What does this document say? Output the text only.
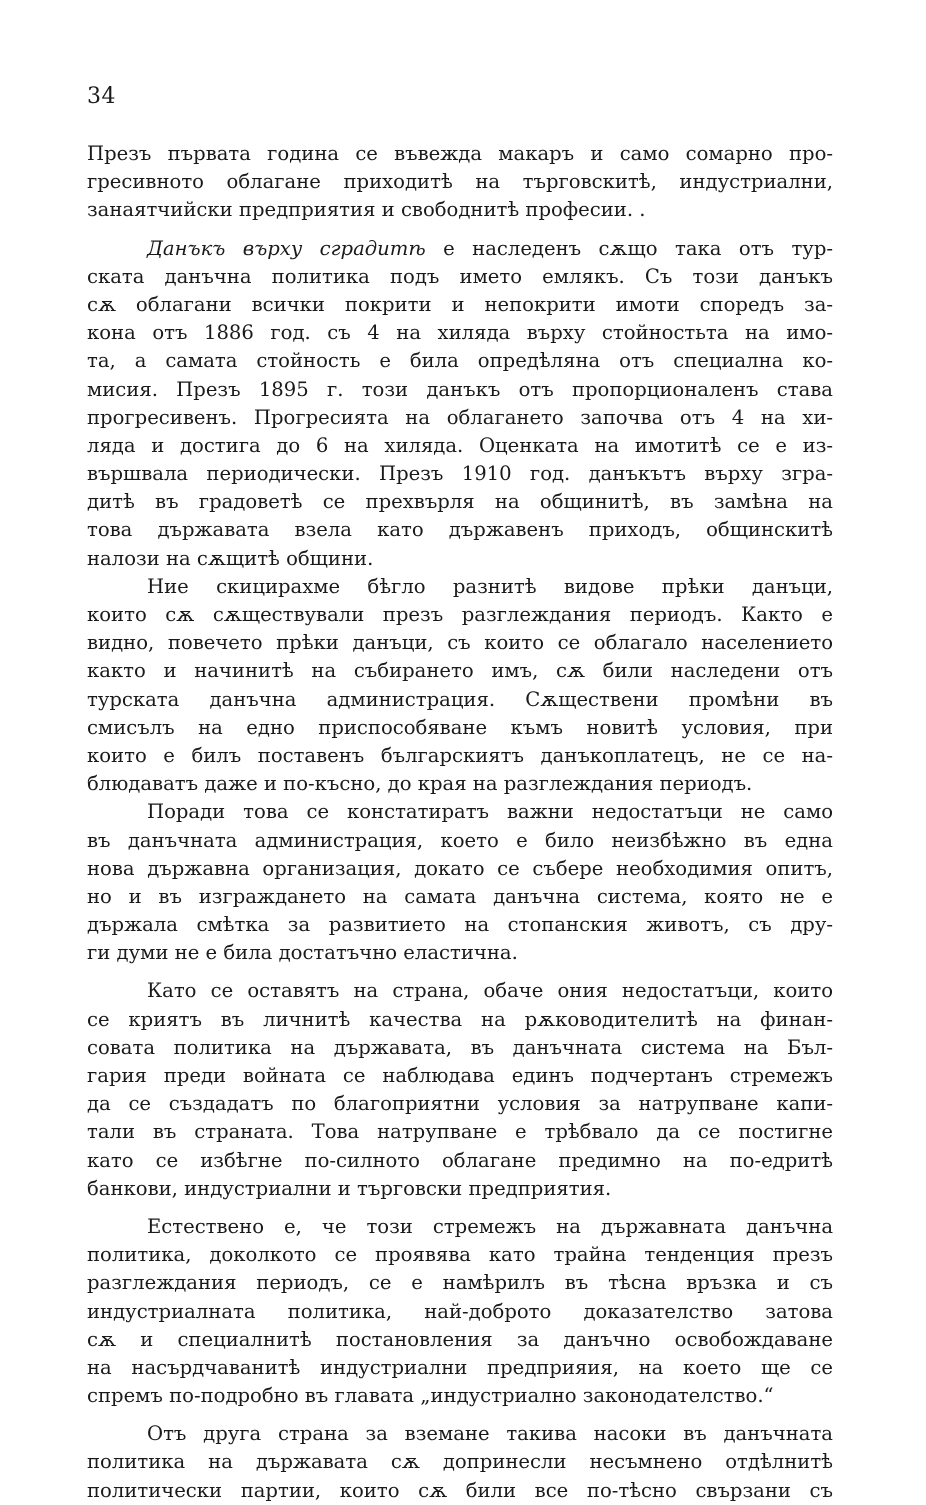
34
Презъ първата година се въвежда макаръ и само сомарно про-
гресивното облагане приходитѣ на търговскитѣ, индустриални,
занаятчийски предприятия и свободнитѣ професии. .
Данъкъ върху сградитѣ е наследенъ сѫщо така отъ тур-
ската данъчна политика подъ името емлякъ. Съ този данъкъ
сѫ облагани всички покрити и непокрити имоти споредъ за-
кона отъ 1886 год. съ 4 на хиляда върху стойностьта на имо-
та, а самата стойность е била опредѣляна отъ специална ко-
мисия. Презъ 1895 г. този данъкъ отъ пропорционаленъ става
прогресивенъ. Прогресията на облагането започва отъ 4 на хи-
ляда и достига до 6 на хиляда. Оценката на имотитѣ се е из-
вършвала периодически. Презъ 1910 год. данъкътъ върху згра-
дитѣ въ градоветѣ се прехвърля на общинитѣ, въ замѣна на
това държавата взела като държавенъ приходъ, общинскитѣ
налози на сѫщитѣ общини.
Ние скицирахме бѣгло разнитѣ видове прѣки данъци,
които сѫ сѫществували презъ разглеждания периодъ. Както е
видно, повечето прѣки данъци, съ които се облагало населението
както и начинитѣ на събирането имъ, сѫ били наследени отъ
турската данъчна администрация. Сѫществени промѣни въ
смисълъ на едно приспособяване къмъ новитѣ условия, при
които е билъ поставенъ българскиятъ данъкоплатецъ, не се на-
блюдаватъ даже и по-късно, до края на разглеждания периодъ.
Поради това се констатиратъ важни недостатъци не само
въ данъчната администрация, което е било неизбѣжно въ една
нова държавна организация, докато се събере необходимия опитъ,
но и въ изграждането на самата данъчна система, която не е
държала смѣтка за развитието на стопанския животъ, съ дру-
ги думи не е била достатъчно еластична.
Като се оставятъ на страна, обаче ония недостатъци, които
се криятъ въ личнитѣ качества на рѫководителитѣ на финан-
совата политика на държавата, въ данъчната система на Бъл-
гария преди войната се наблюдава единъ подчертанъ стремежъ
да се създадатъ по благоприятни условия за натрупване капи-
тали въ страната. Това натрупване е трѣбвало да се постигне
като се избѣгне по-силното облагане предимно на по-едритѣ
банкови, индустриални и търговски предприятия.
Естествено е, че този стремежъ на държавната данъчна
политика, доколкото се проявява като трайна тенденция презъ
разглеждания периодъ, се е намѣрилъ въ тѣсна връзка и съ
индустриалната политика, най-доброто доказателство затова
сѫ и специалнитѣ постановления за данъчно освобождаване
на насърдчаванитѣ индустриални предприяия, на което ще се
спремъ по-подробно въ главата „индустриално законодателство.“
Отъ друга страна за вземане такива насоки въ данъчната
политика на държавата сѫ допринесли несъмнено отдѣлнитѣ
политически партии, които сѫ били все по-тѣсно свързани съ
